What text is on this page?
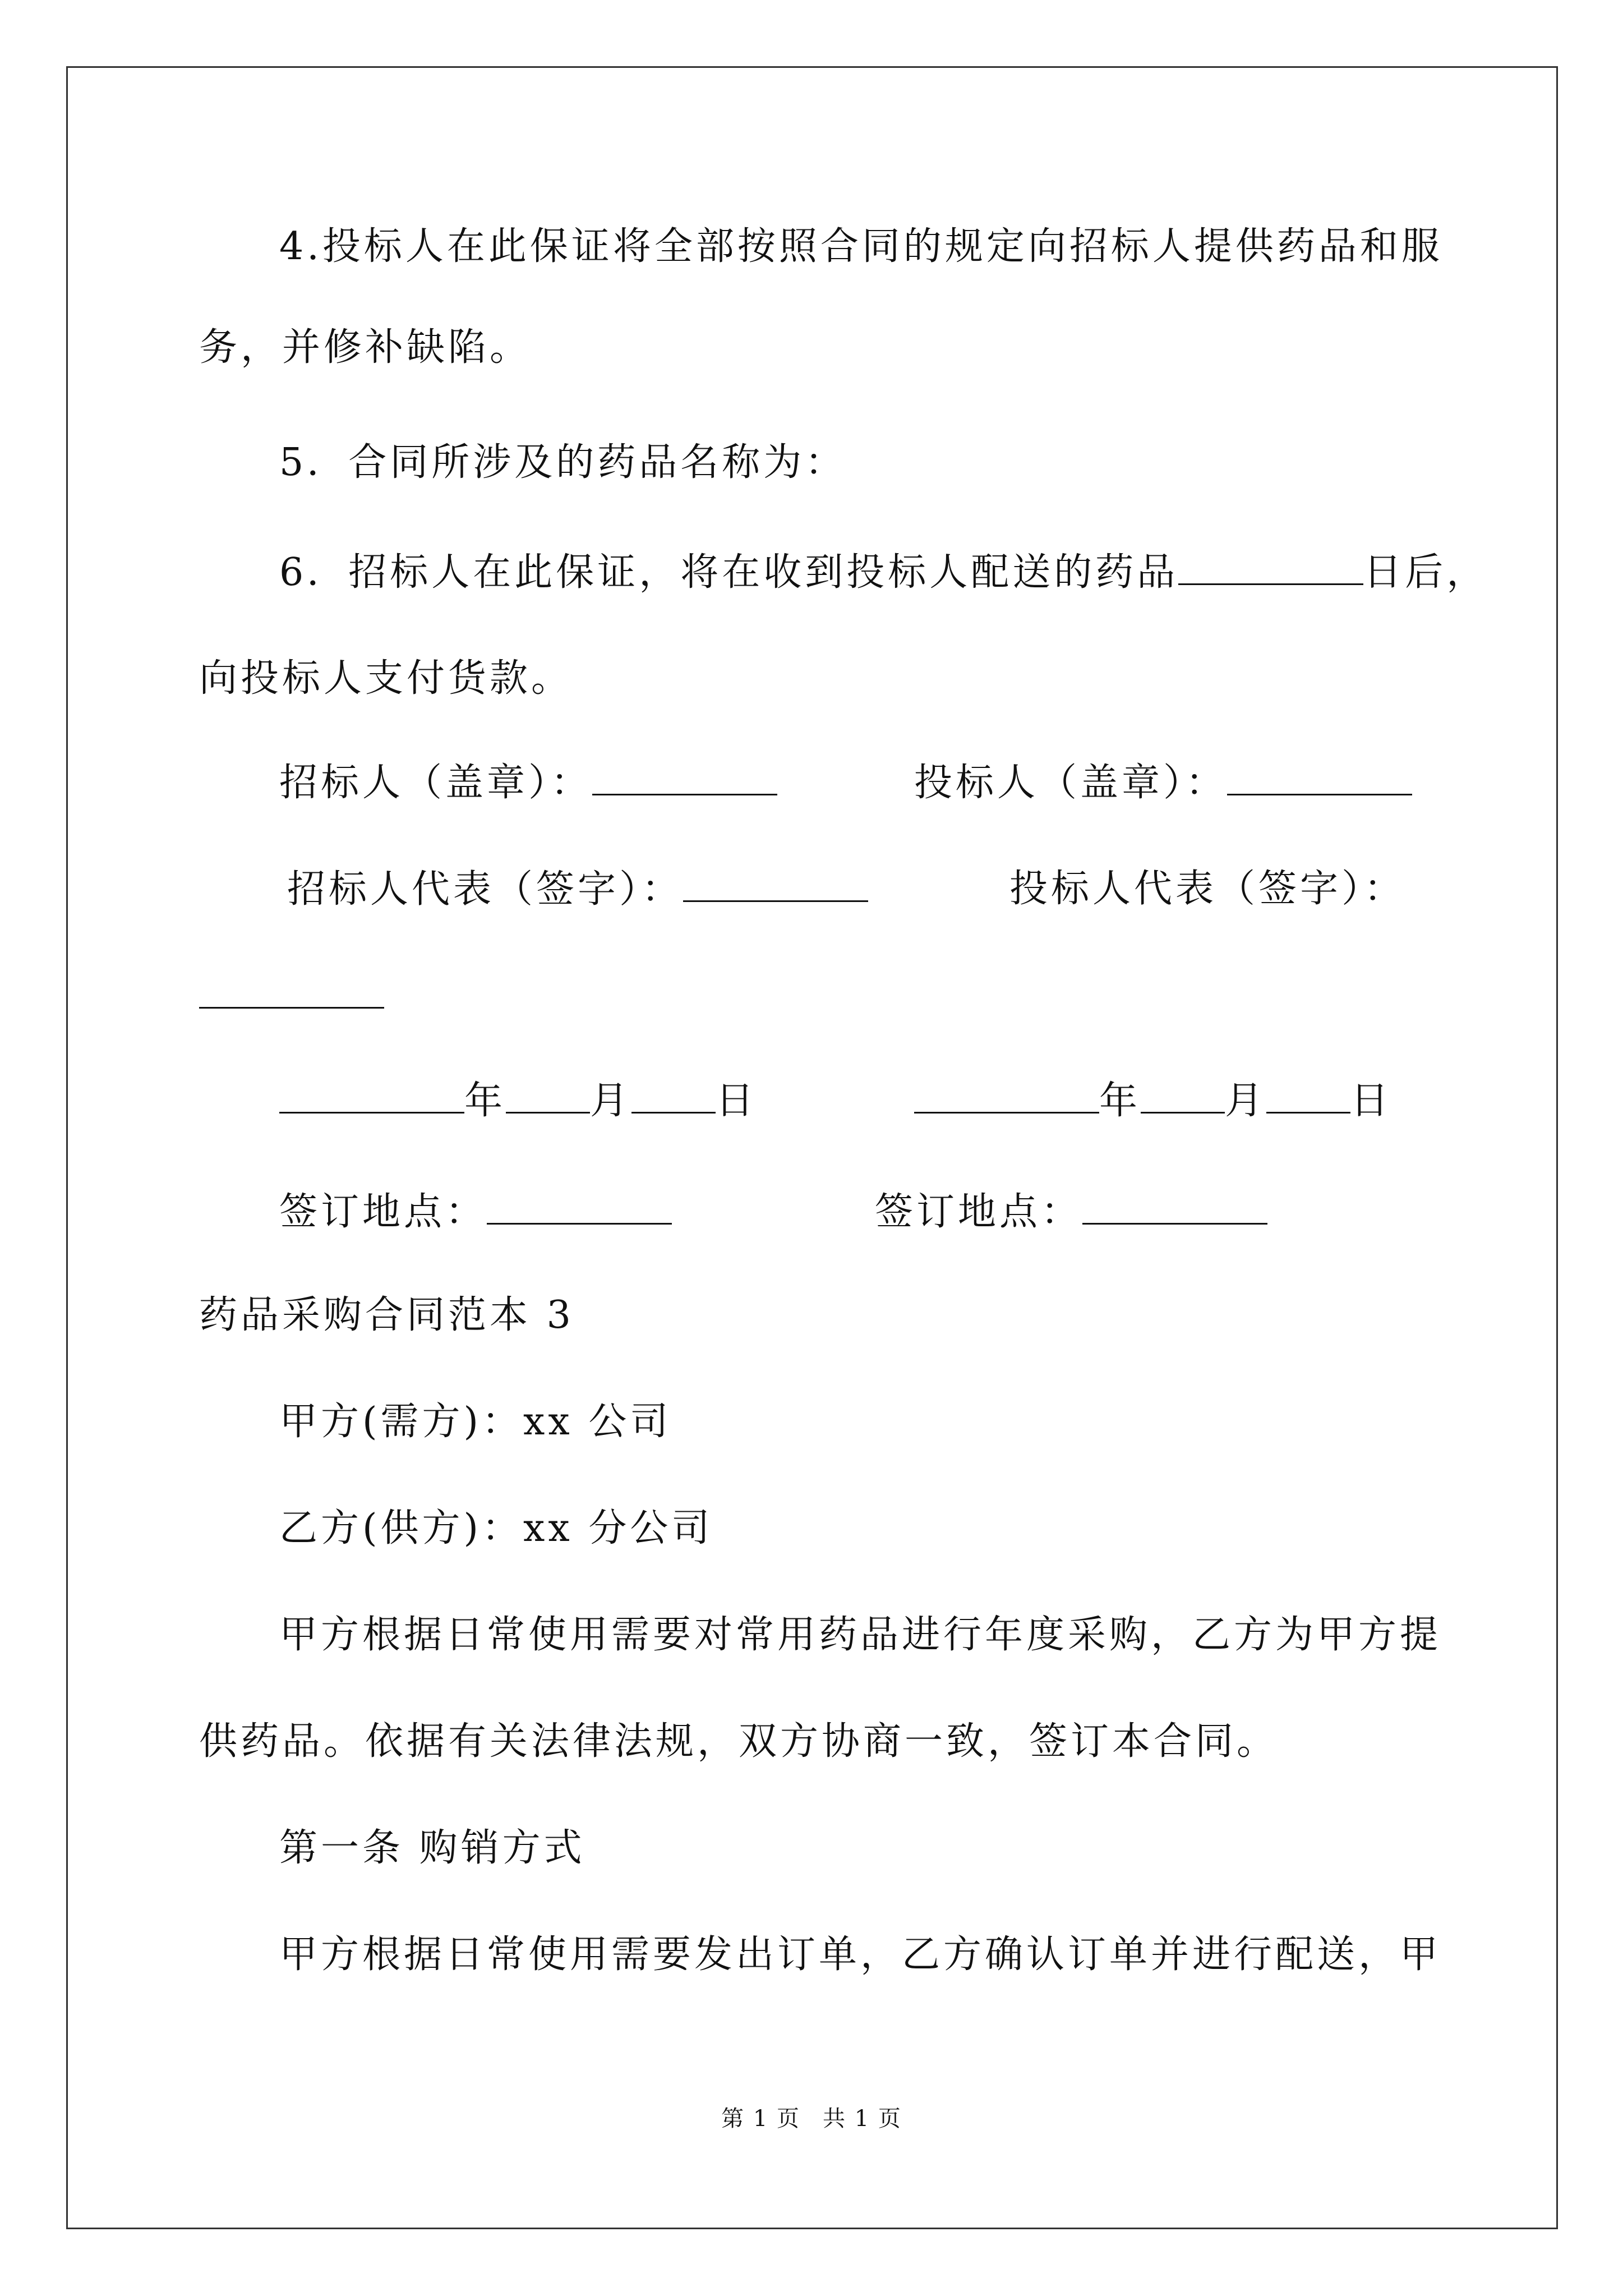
4.投标人在此保证将全部按照合同的规定向招标人提供药品和服
务，并修补缺陷。
5．合同所涉及的药品名称为：
6．招标人在此保证，将在收到投标人配送的药品	日后，
向投标人支付货款。
招标人（盖章）：	投标人（盖章）：
招标人代表（签字）：	投标人代表（签字）：
年 月 日	年 月 日
签订地点：	签订地点：
药品采购合同范本 3
甲方(需方)：xx 公司
乙方(供方)：xx 分公司
甲方根据日常使用需要对常用药品进行年度采购，乙方为甲方提
供药品。依据有关法律法规，双方协商一致，签订本合同。
第一条 购销方式
甲方根据日常使用需要发出订单，乙方确认订单并进行配送，甲
第 1 页 共 1 页
